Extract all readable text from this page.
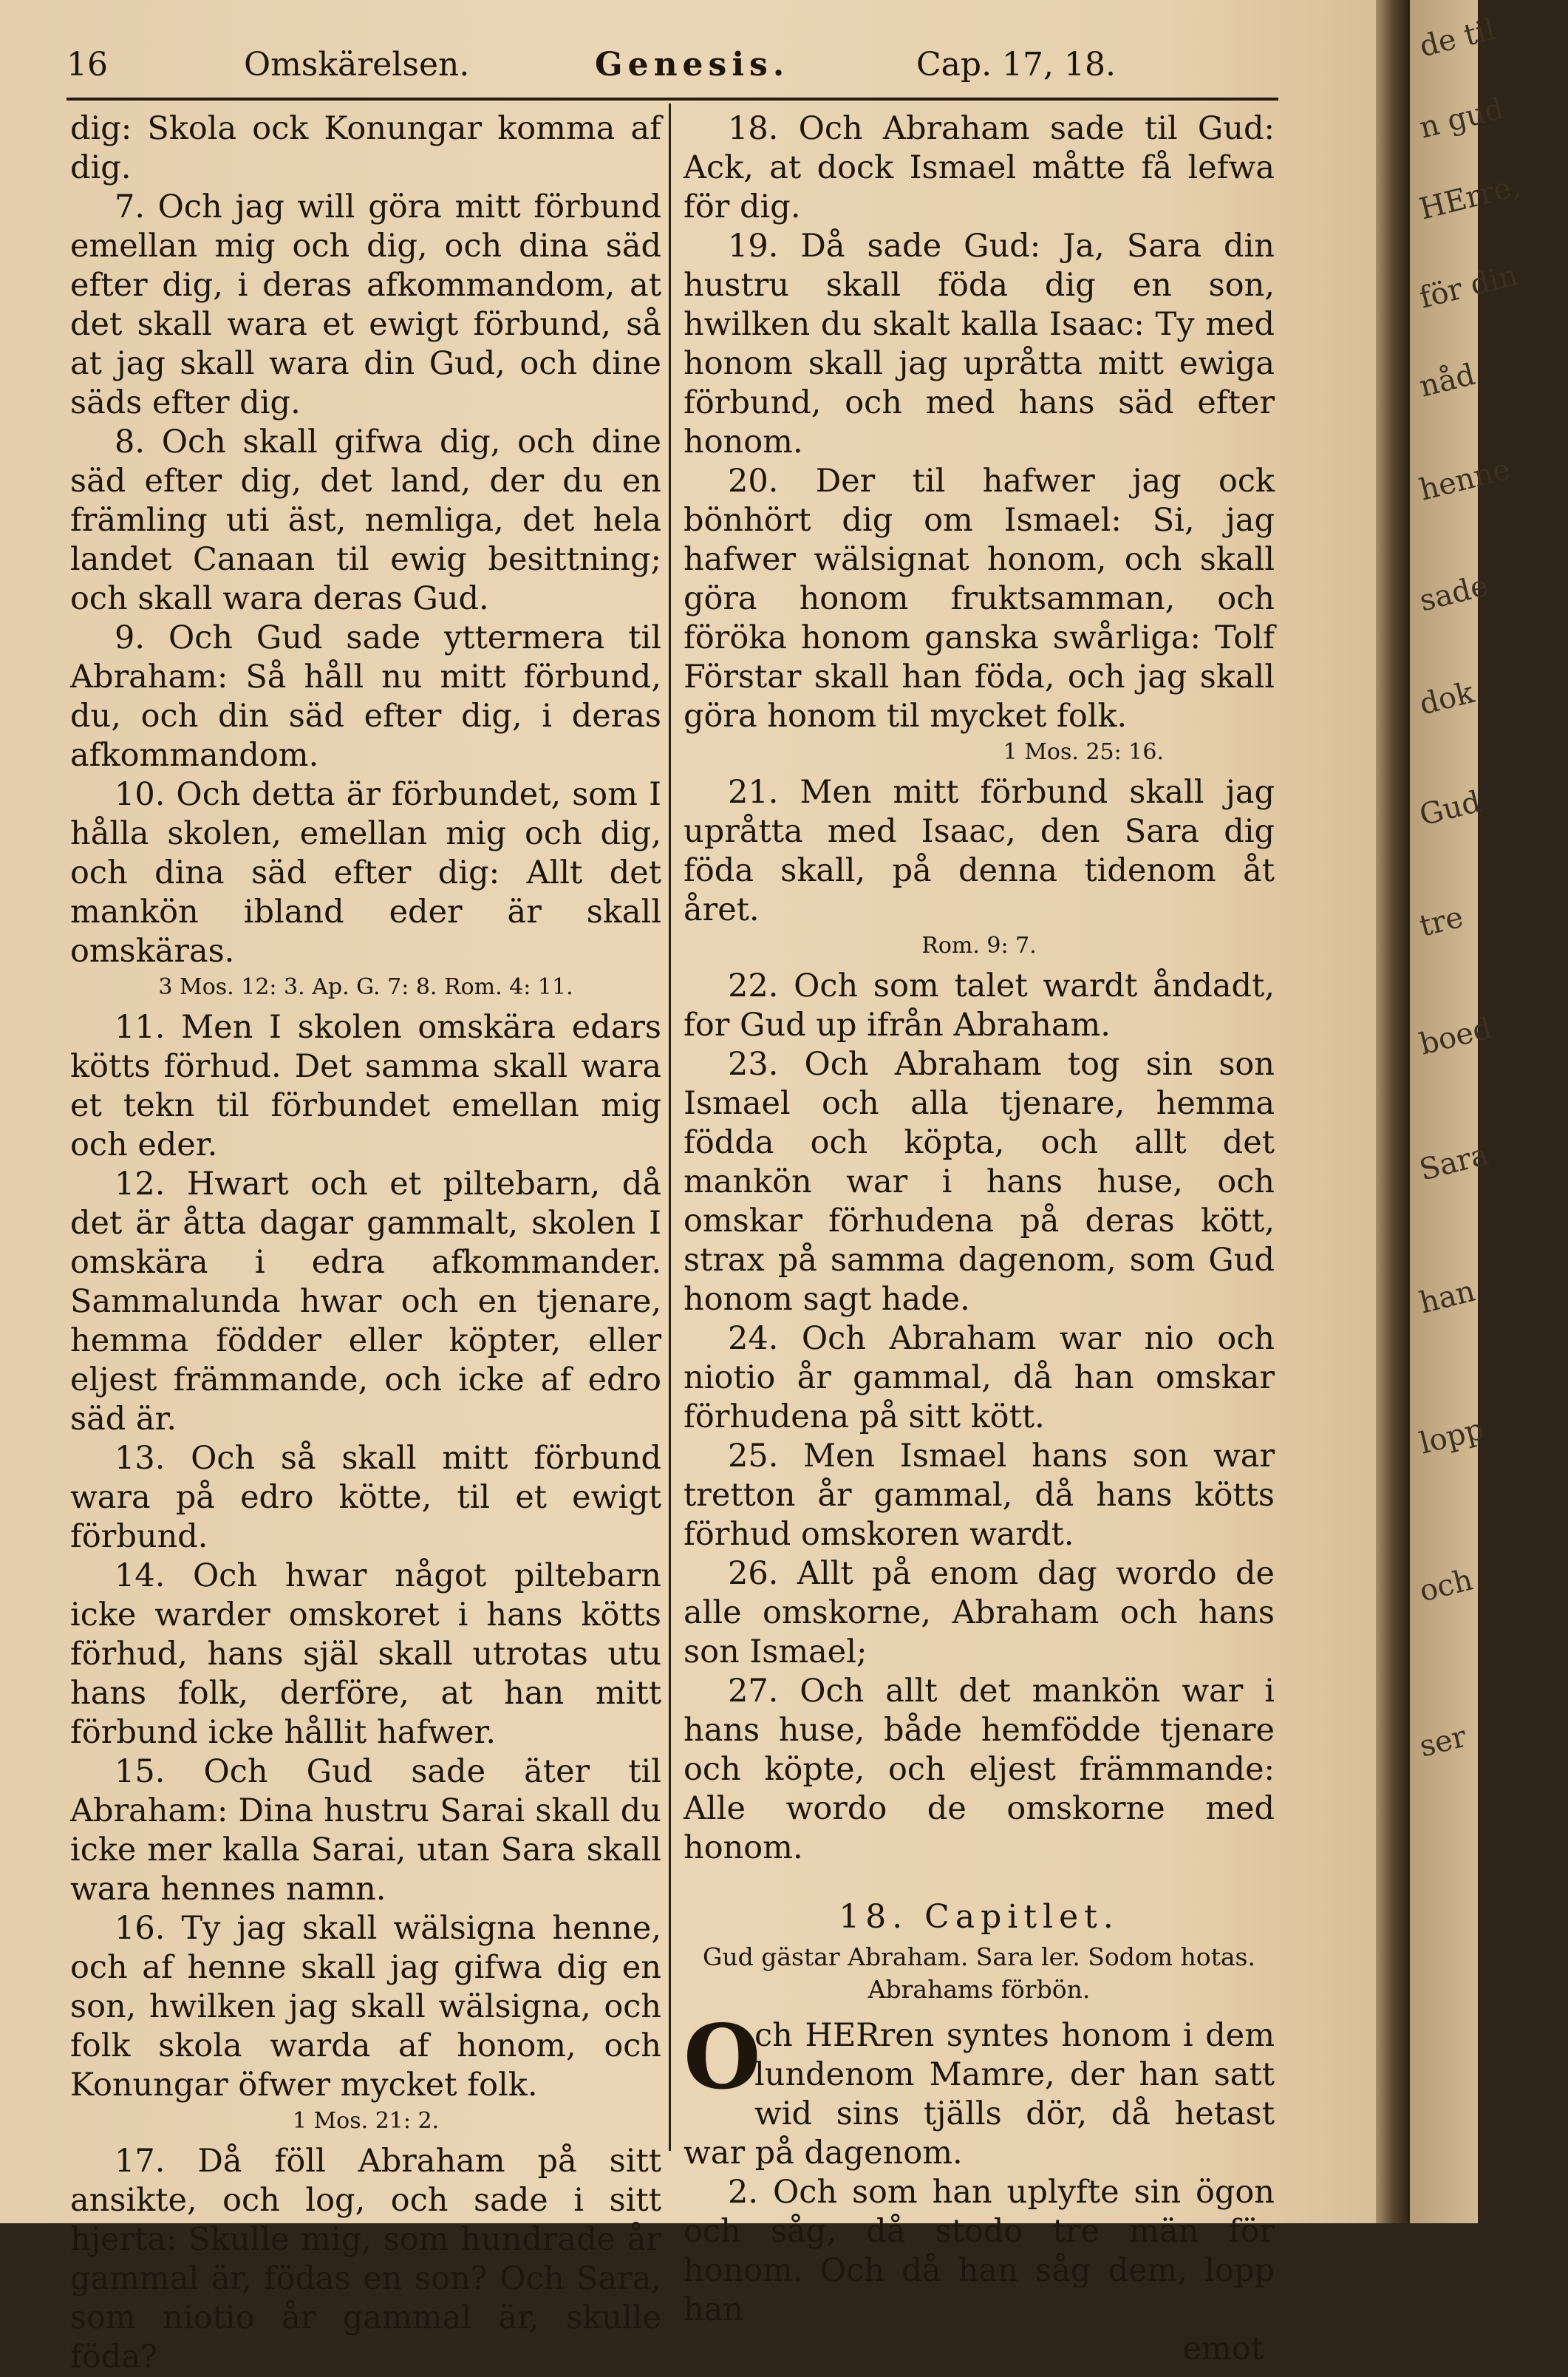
16	Omskärelsen.	Genesis.	Cap. 17, 18.

dig: Skola ock Konungar komma af dig.

7. Och jag will göra mitt förbund emellan mig och dig, och dina säd efter dig, i deras afkommandom, at det skall wara et ewigt förbund, så at jag skall wara din Gud, och dine säds efter dig.

8. Och skall gifwa dig, och dine säd efter dig, det land, der du en främling uti äst, nemliga, det hela landet Canaan til ewig besittning; och skall wara deras Gud.

9. Och Gud sade yttermera til Abraham: Så håll nu mitt förbund, du, och din säd efter dig, i deras afkommandom.

10. Och detta är förbundet, som I hålla skolen, emellan mig och dig, och dina säd efter dig: Allt det mankön ibland eder är skall omskäras.

3 Mos. 12: 3. Ap. G. 7: 8. Rom. 4: 11.

11. Men I skolen omskära edars kötts förhud. Det samma skall wara et tekn til förbundet emellan mig och eder.

12. Hwart och et piltebarn, då det är åtta dagar gammalt, skolen I omskära i edra afkommander. Sammalunda hwar och en tjenare, hemma födder eller köpter, eller eljest främmande, och icke af edro säd är.

13. Och så skall mitt förbund wara på edro kötte, til et ewigt förbund.

14. Och hwar något piltebarn icke warder omskoret i hans kötts förhud, hans själ skall utrotas utu hans folk, derföre, at han mitt förbund icke hållit hafwer.

15. Och Gud sade äter til Abraham: Dina hustru Sarai skall du icke mer kalla Sarai, utan Sara skall wara hennes namn.

16. Ty jag skall wälsigna henne, och af henne skall jag gifwa dig en son, hwilken jag skall wälsigna, och folk skola warda af honom, och Konungar öfwer mycket folk.

1 Mos. 21: 2.

17. Då föll Abraham på sitt ansikte, och log, och sade i sitt hjerta: Skulle mig, som hundrade år gammal är, födas en son? Och Sara, som niotio år gammal är, skulle föda?

18. Och Abraham sade til Gud: Ack, at dock Ismael måtte få lefwa för dig.

19. Då sade Gud: Ja, Sara din hustru skall föda dig en son, hwilken du skalt kalla Isaac: Ty med honom skall jag upråtta mitt ewiga förbund, och med hans säd efter honom.

20. Der til hafwer jag ock bönhört dig om Ismael: Si, jag hafwer wälsignat honom, och skall göra honom fruktsamman, och föröka honom ganska swårliga: Tolf Förstar skall han föda, och jag skall göra honom til mycket folk.

1 Mos. 25: 16.

21. Men mitt förbund skall jag upråtta med Isaac, den Sara dig föda skall, på denna tidenom åt året.

Rom. 9: 7.

22. Och som talet wardt åndadt, for Gud up ifrån Abraham.

23. Och Abraham tog sin son Ismael och alla tjenare, hemma födda och köpta, och allt det mankön war i hans huse, och omskar förhudena på deras kött, strax på samma dagenom, som Gud honom sagt hade.

24. Och Abraham war nio och niotio år gammal, då han omskar förhudena på sitt kött.

25. Men Ismael hans son war tretton år gammal, då hans kötts förhud omskoren wardt.

26. Allt på enom dag wordo de alle omskorne, Abraham och hans son Ismael;

27. Och allt det mankön war i hans huse, både hemfödde tjenare och köpte, och eljest främmande: Alle wordo de omskorne med honom.

18. Capitlet.
Gud gästar Abraham. Sara ler. Sodom hotas. Abrahams förbön.

O
ch HERren syntes honom i dem lundenom Mamre, der han satt wid sins tjälls dör, då hetast war på dagenom.

2. Och som han uplyfte sin ögon och såg, då stodo tre män för honom. Och då han såg dem, lopp han

emot

de til

n gud

HErre,

för din

nåd

henne

sade

dok

Gud

tre

boed

Sara

han

lopp

och

ser
